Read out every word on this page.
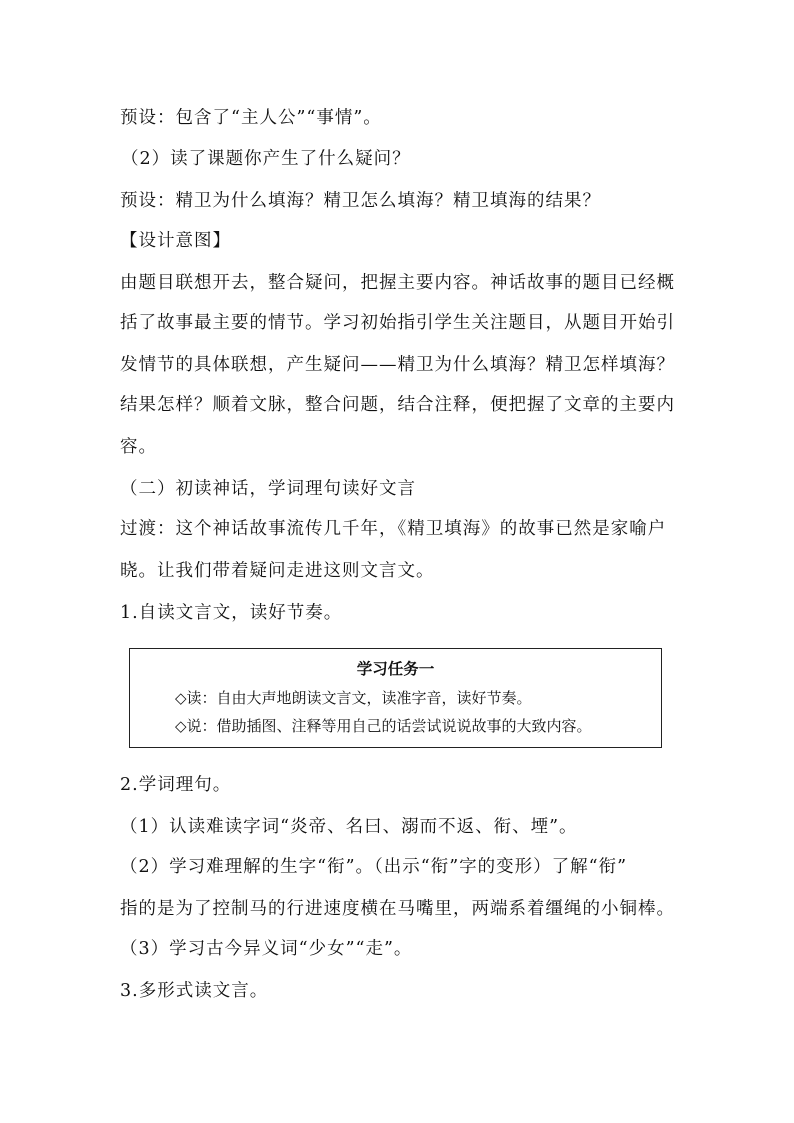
预设：包含了“主人公”“事情”。

（2）读了课题你产生了什么疑问？

预设：精卫为什么填海？精卫怎么填海？精卫填海的结果？

【设计意图】

由题目联想开去，整合疑问，把握主要内容。神话故事的题目已经概

括了故事最主要的情节。学习初始指引学生关注题目，从题目开始引

发情节的具体联想，产生疑问——精卫为什么填海？精卫怎样填海？

结果怎样？顺着文脉，整合问题，结合注释，便把握了文章的主要内

容。

（二）初读神话，学词理句读好文言

过渡：这个神话故事流传几千年，《精卫填海》的故事已然是家喻户

晓。让我们带着疑问走进这则文言文。

1.自读文言文，读好节奏。

学习任务一

◇读：自由大声地朗读文言文，读准字音，读好节奏。

◇说：借助插图、注释等用自己的话尝试说说故事的大致内容。

2.学词理句。

（1）认读难读字词“炎帝、名曰、溺而不返、衔、堙”。

（2）学习难理解的生字“衔”。（出示“衔”字的变形）了解“衔”

指的是为了控制马的行进速度横在马嘴里，两端系着缰绳的小铜棒。

（3）学习古今异义词“少女”“走”。

3.多形式读文言。
